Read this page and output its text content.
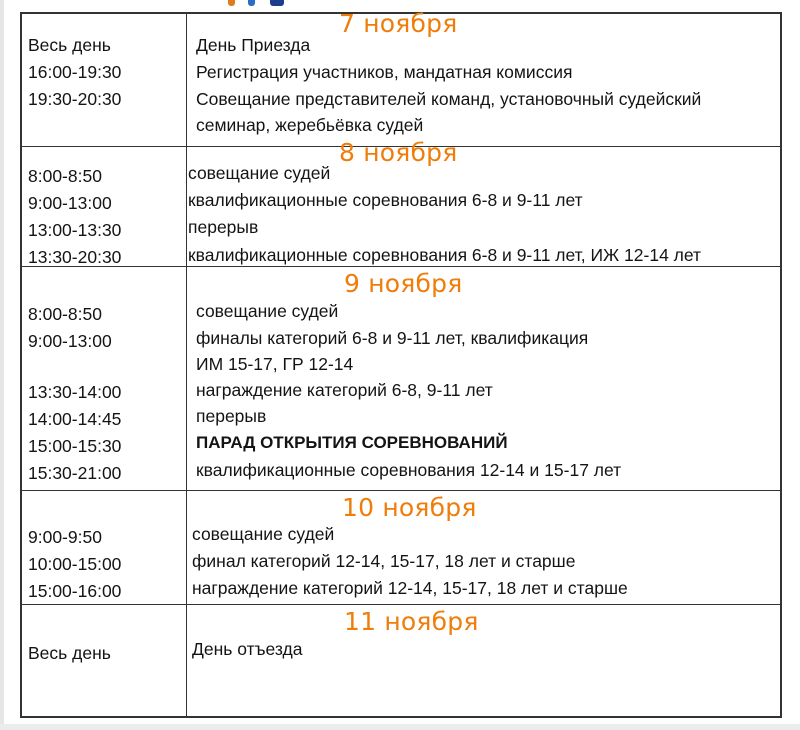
7 ноября
Весь день
16:00-19:30
19:30-20:30
День Приезда
Регистрация участников, мандатная комиссия
Совещание представителей команд, установочный судейский
семинар, жеребьёвка судей
8 ноября
8:00-8:50
9:00-13:00
13:00-13:30
13:30-20:30
совещание судей
квалификационные соревнования 6-8 и 9-11 лет
перерыв
квалификационные соревнования 6-8 и 9-11 лет, ИЖ 12-14 лет
9 ноября
8:00-8:50
9:00-13:00
13:30-14:00
14:00-14:45
15:00-15:30
15:30-21:00
совещание судей
финалы категорий 6-8 и 9-11 лет, квалификация
ИМ 15-17, ГР 12-14
награждение категорий 6-8, 9-11 лет
перерыв
ПАРАД ОТКРЫТИЯ СОРЕВНОВАНИЙ
квалификационные соревнования 12-14 и 15-17 лет
10 ноября
9:00-9:50
10:00-15:00
15:00-16:00
совещание судей
финал категорий 12-14, 15-17, 18 лет и старше
награждение категорий 12-14, 15-17, 18 лет и старше
11 ноября
Весь день	День отъезда
